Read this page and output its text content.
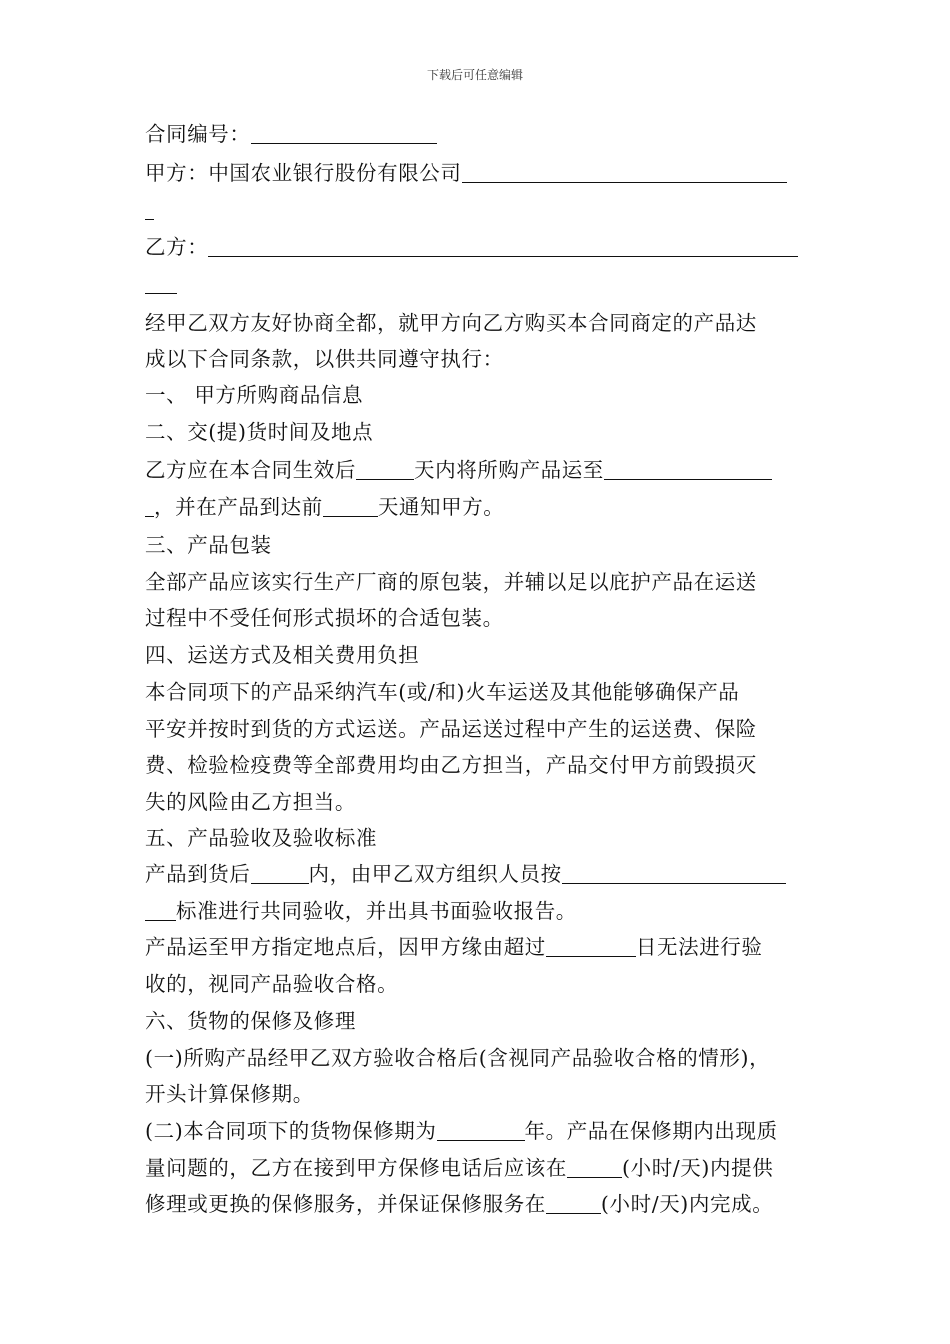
下载后可任意编辑
合同编号：
甲方：中国农业银行股份有限公司
乙方：
经甲乙双方友好协商全都，就甲方向乙方购买本合同商定的产品达
成以下合同条款，以供共同遵守执行：
一、 甲方所购商品信息
二、交(提)货时间及地点
乙方应在本合同生效后	天内将所购产品运至
，并在产品到达前	天通知甲方。
三、产品包装
全部产品应该实行生产厂商的原包装，并辅以足以庇护产品在运送
过程中不受任何形式损坏的合适包装。
四、运送方式及相关费用负担
本合同项下的产品采纳汽车(或/和)火车运送及其他能够确保产品
平安并按时到货的方式运送。产品运送过程中产生的运送费、保险
费、检验检疫费等全部费用均由乙方担当，产品交付甲方前毁损灭
失的风险由乙方担当。
五、产品验收及验收标准
产品到货后	内，由甲乙双方组织人员按
标准进行共同验收，并出具书面验收报告。
产品运至甲方指定地点后，因甲方缘由超过	日无法进行验
收的，视同产品验收合格。
六、货物的保修及修理
(一)所购产品经甲乙双方验收合格后(含视同产品验收合格的情形)，
开头计算保修期。
(二)本合同项下的货物保修期为	年。产品在保修期内出现质
量问题的，乙方在接到甲方保修电话后应该在	(小时/天)内提供
修理或更换的保修服务，并保证保修服务在	(小时/天)内完成。
